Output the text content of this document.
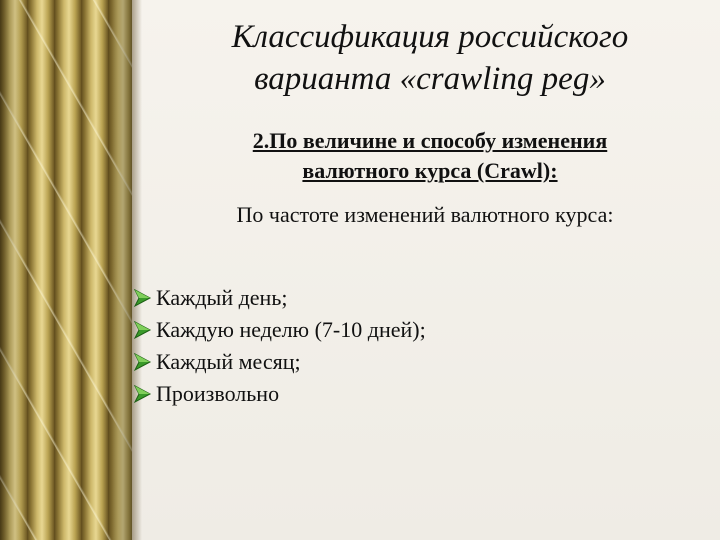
Классификация российского
варианта «crawling peg»
2.По величине и способу изменения
валютного курса (Crawl):

По частоте изменений валютного курса:

Каждый день;
Каждую неделю (7-10 дней);
Каждый месяц;
Произвольно
